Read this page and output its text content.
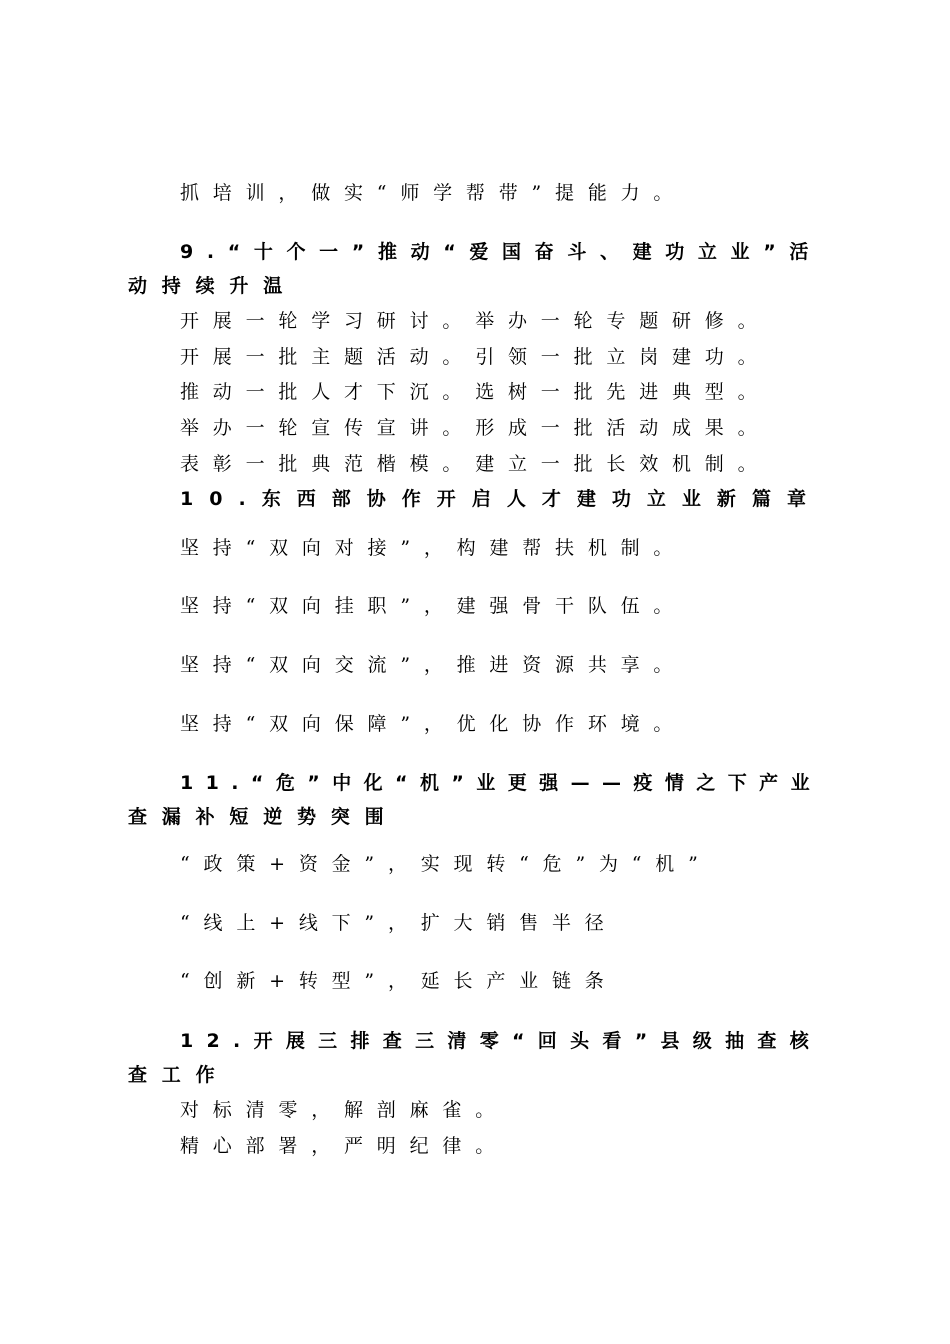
抓培训，做实“师学帮带”提能力。
9.“十个一”推动“爱国奋斗、建功立业”活
动持续升温
开展一轮学习研讨。举办一轮专题研修。
开展一批主题活动。引领一批立岗建功。
推动一批人才下沉。选树一批先进典型。
举办一轮宣传宣讲。形成一批活动成果。
表彰一批典范楷模。建立一批长效机制。
10.东西部协作开启人才建功立业新篇章
坚持“双向对接”，构建帮扶机制。
坚持“双向挂职”，建强骨干队伍。
坚持“双向交流”，推进资源共享。
坚持“双向保障”，优化协作环境。
11.“危”中化“机”业更强——疫情之下产业
查漏补短逆势突围
“政策+资金”，实现转“危”为“机”
“线上+线下”，扩大销售半径
“创新+转型”，延长产业链条
12.开展三排查三清零“回头看”县级抽查核
查工作
对标清零，解剖麻雀。
精心部署，严明纪律。
